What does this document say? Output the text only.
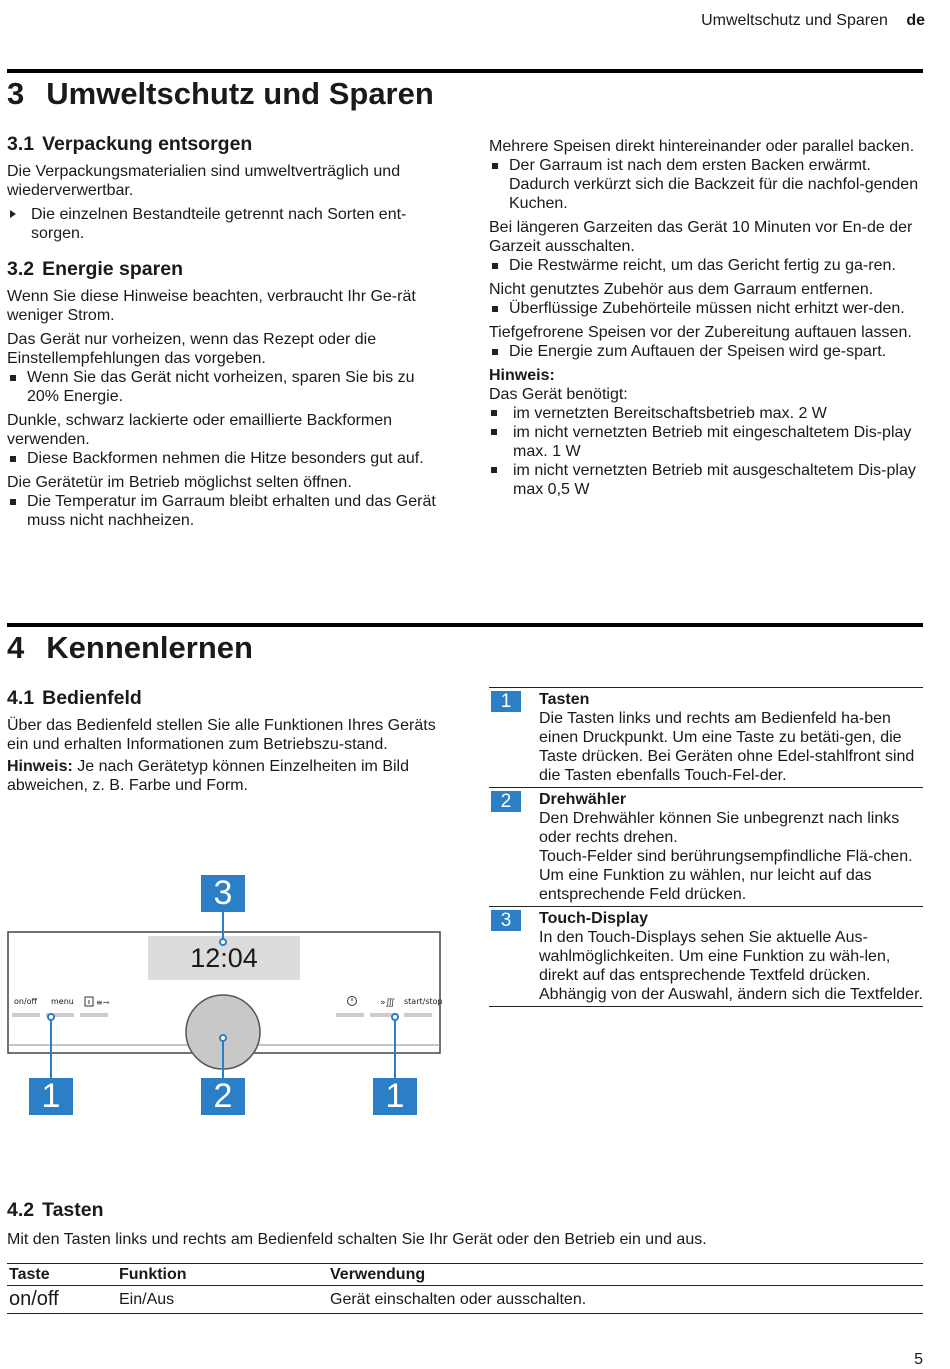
Umweltschutz und Sparen de
3 Umweltschutz und Sparen
3.1 Verpackung entsorgen
Die Verpackungsmaterialien sind umweltverträglich und wiederverwertbar.
Die einzelnen Bestandteile getrennt nach Sorten ent-sorgen.
3.2 Energie sparen
Wenn Sie diese Hinweise beachten, verbraucht Ihr Ge-rät weniger Strom.
Das Gerät nur vorheizen, wenn das Rezept oder die Einstellempfehlungen das vorgeben.
Wenn Sie das Gerät nicht vorheizen, sparen Sie bis zu 20% Energie.
Dunkle, schwarz lackierte oder emaillierte Backformen verwenden.
Diese Backformen nehmen die Hitze besonders gut auf.
Die Gerätetür im Betrieb möglichst selten öffnen.
Die Temperatur im Garraum bleibt erhalten und das Gerät muss nicht nachheizen.
Mehrere Speisen direkt hintereinander oder parallel backen.
Der Garraum ist nach dem ersten Backen erwärmt. Dadurch verkürzt sich die Backzeit für die nachfol-genden Kuchen.
Bei längeren Garzeiten das Gerät 10 Minuten vor En-de der Garzeit ausschalten.
Die Restwärme reicht, um das Gericht fertig zu ga-ren.
Nicht genutztes Zubehör aus dem Garraum entfernen.
Überflüssige Zubehörteile müssen nicht erhitzt wer-den.
Tiefgefrorene Speisen vor der Zubereitung auftauen lassen.
Die Energie zum Auftauen der Speisen wird ge-spart.
Hinweis:
Das Gerät benötigt:
im vernetzten Bereitschaftsbetrieb max. 2 W
im nicht vernetzten Betrieb mit eingeschaltetem Dis-play max. 1 W
im nicht vernetzten Betrieb mit ausgeschaltetem Dis-play max 0,5 W
4 Kennenlernen
4.1 Bedienfeld
Über das Bedienfeld stellen Sie alle Funktionen Ihres Geräts ein und erhalten Informationen zum Betriebszu-stand.
Hinweis: Je nach Gerätetyp können Einzelheiten im Bild abweichen, z. B. Farbe und Form.
≡⊸	»∭
12:04
on/off menu	start/stop
3
1	2	1
1	Tasten
Die Tasten links und rechts am Bedienfeld ha-ben einen Druckpunkt. Um eine Taste zu betäti-gen, die Taste drücken. Bei Geräten ohne Edel-stahlfront sind die Tasten ebenfalls Touch-Fel-der.
2	Drehwähler
Den Drehwähler können Sie unbegrenzt nach links oder rechts drehen.
Touch-Felder sind berührungsempfindliche Flä-chen. Um eine Funktion zu wählen, nur leicht auf das entsprechende Feld drücken.
3	Touch-Display
In den Touch-Displays sehen Sie aktuelle Aus-wahlmöglichkeiten. Um eine Funktion zu wäh-len, direkt auf das entsprechende Textfeld drücken. Abhängig von der Auswahl, ändern sich die Textfelder.
4.2 Tasten
Mit den Tasten links und rechts am Bedienfeld schalten Sie Ihr Gerät oder den Betrieb ein und aus.
Taste	Funktion	Verwendung
on/off	Ein/Aus	Gerät einschalten oder ausschalten.
5
